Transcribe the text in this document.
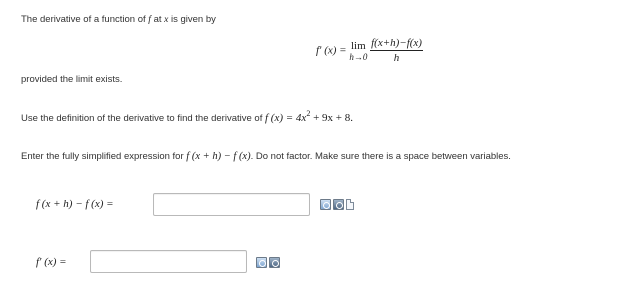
The derivative of a function of f at x is given by
f′ (x) = lim
h→0
$\frac{f(x+h)-f(x)}{h}$
provided the limit exists.
Use the definition of the derivative to find the derivative of f $(x) = 4x^2 + 9x + 8$.
Enter the fully simplified expression for f (x + h) − f (x). Do not factor. Make sure there is a space between variables.
f (x + h) − f (x) =
f′ (x) =
